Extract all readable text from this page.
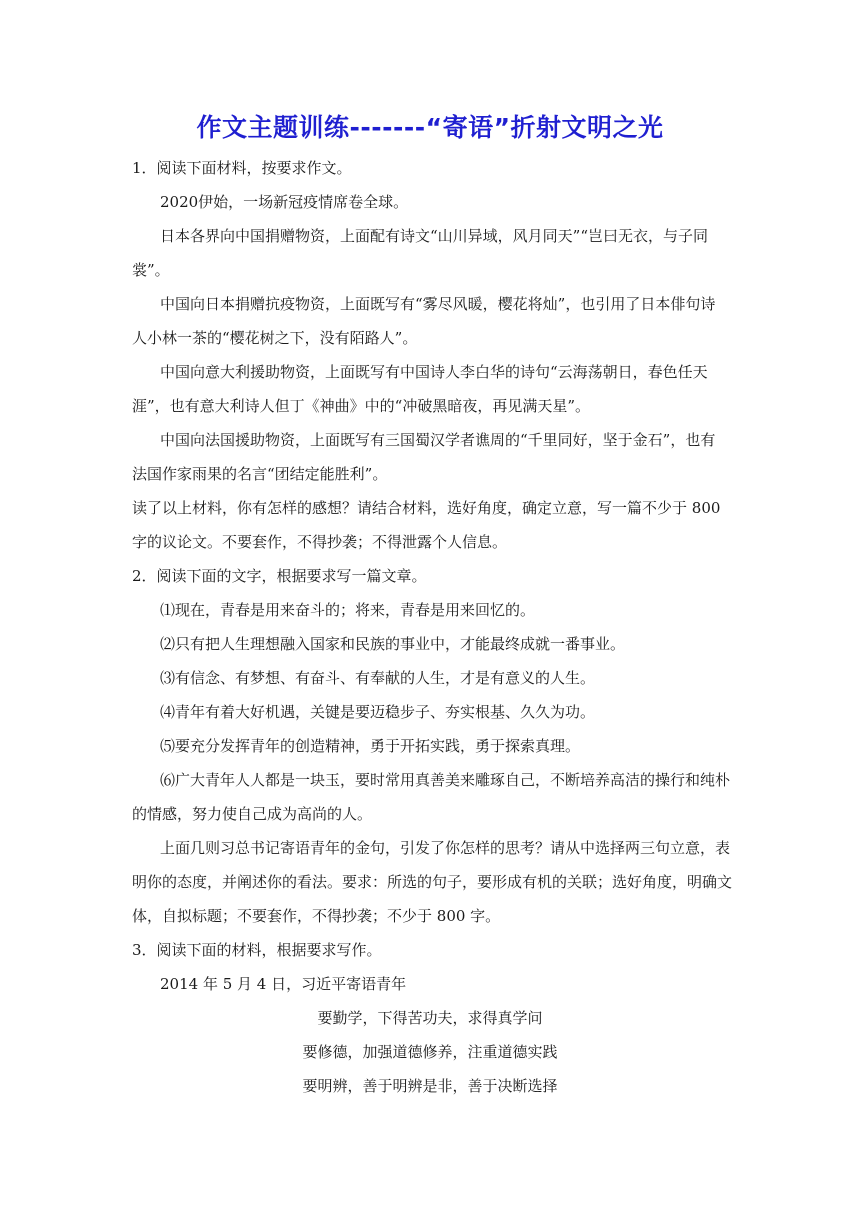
作文主题训练-------“寄语”折射文明之光
1．阅读下面材料，按要求作文。
2020伊始，一场新冠疫情席卷全球。
日本各界向中国捐赠物资，上面配有诗文“山川异域，风月同天”“岂曰无衣，与子同
裳”。
中国向日本捐赠抗疫物资，上面既写有“雾尽风暖，樱花将灿”，也引用了日本俳句诗
人小林一茶的“樱花树之下，没有陌路人”。
中国向意大利援助物资，上面既写有中国诗人李白华的诗句“云海荡朝日，春色任天
涯”，也有意大利诗人但丁《神曲》中的“冲破黑暗夜，再见满天星”。
中国向法国援助物资，上面既写有三国蜀汉学者谯周的“千里同好，坚于金石”，也有
法国作家雨果的名言“团结定能胜利”。
读了以上材料，你有怎样的感想？请结合材料，选好角度，确定立意，写一篇不少于 800
字的议论文。不要套作，不得抄袭；不得泄露个人信息。
2．阅读下面的文字，根据要求写一篇文章。
⑴现在，青春是用来奋斗的；将来，青春是用来回忆的。
⑵只有把人生理想融入国家和民族的事业中，才能最终成就一番事业。
⑶有信念、有梦想、有奋斗、有奉献的人生，才是有意义的人生。
⑷青年有着大好机遇，关键是要迈稳步子、夯实根基、久久为功。
⑸要充分发挥青年的创造精神，勇于开拓实践，勇于探索真理。
⑹广大青年人人都是一块玉，要时常用真善美来雕琢自己，不断培养高洁的操行和纯朴
的情感，努力使自己成为高尚的人。
上面几则习总书记寄语青年的金句，引发了你怎样的思考？请从中选择两三句立意，表
明你的态度，并阐述你的看法。要求：所选的句子，要形成有机的关联；选好角度，明确文
体，自拟标题；不要套作，不得抄袭；不少于 800 字。
3．阅读下面的材料，根据要求写作。
2014 年 5 月 4 日，习近平寄语青年
要勤学，下得苦功夫，求得真学问
要修德，加强道德修养，注重道德实践
要明辨，善于明辨是非，善于决断选择
